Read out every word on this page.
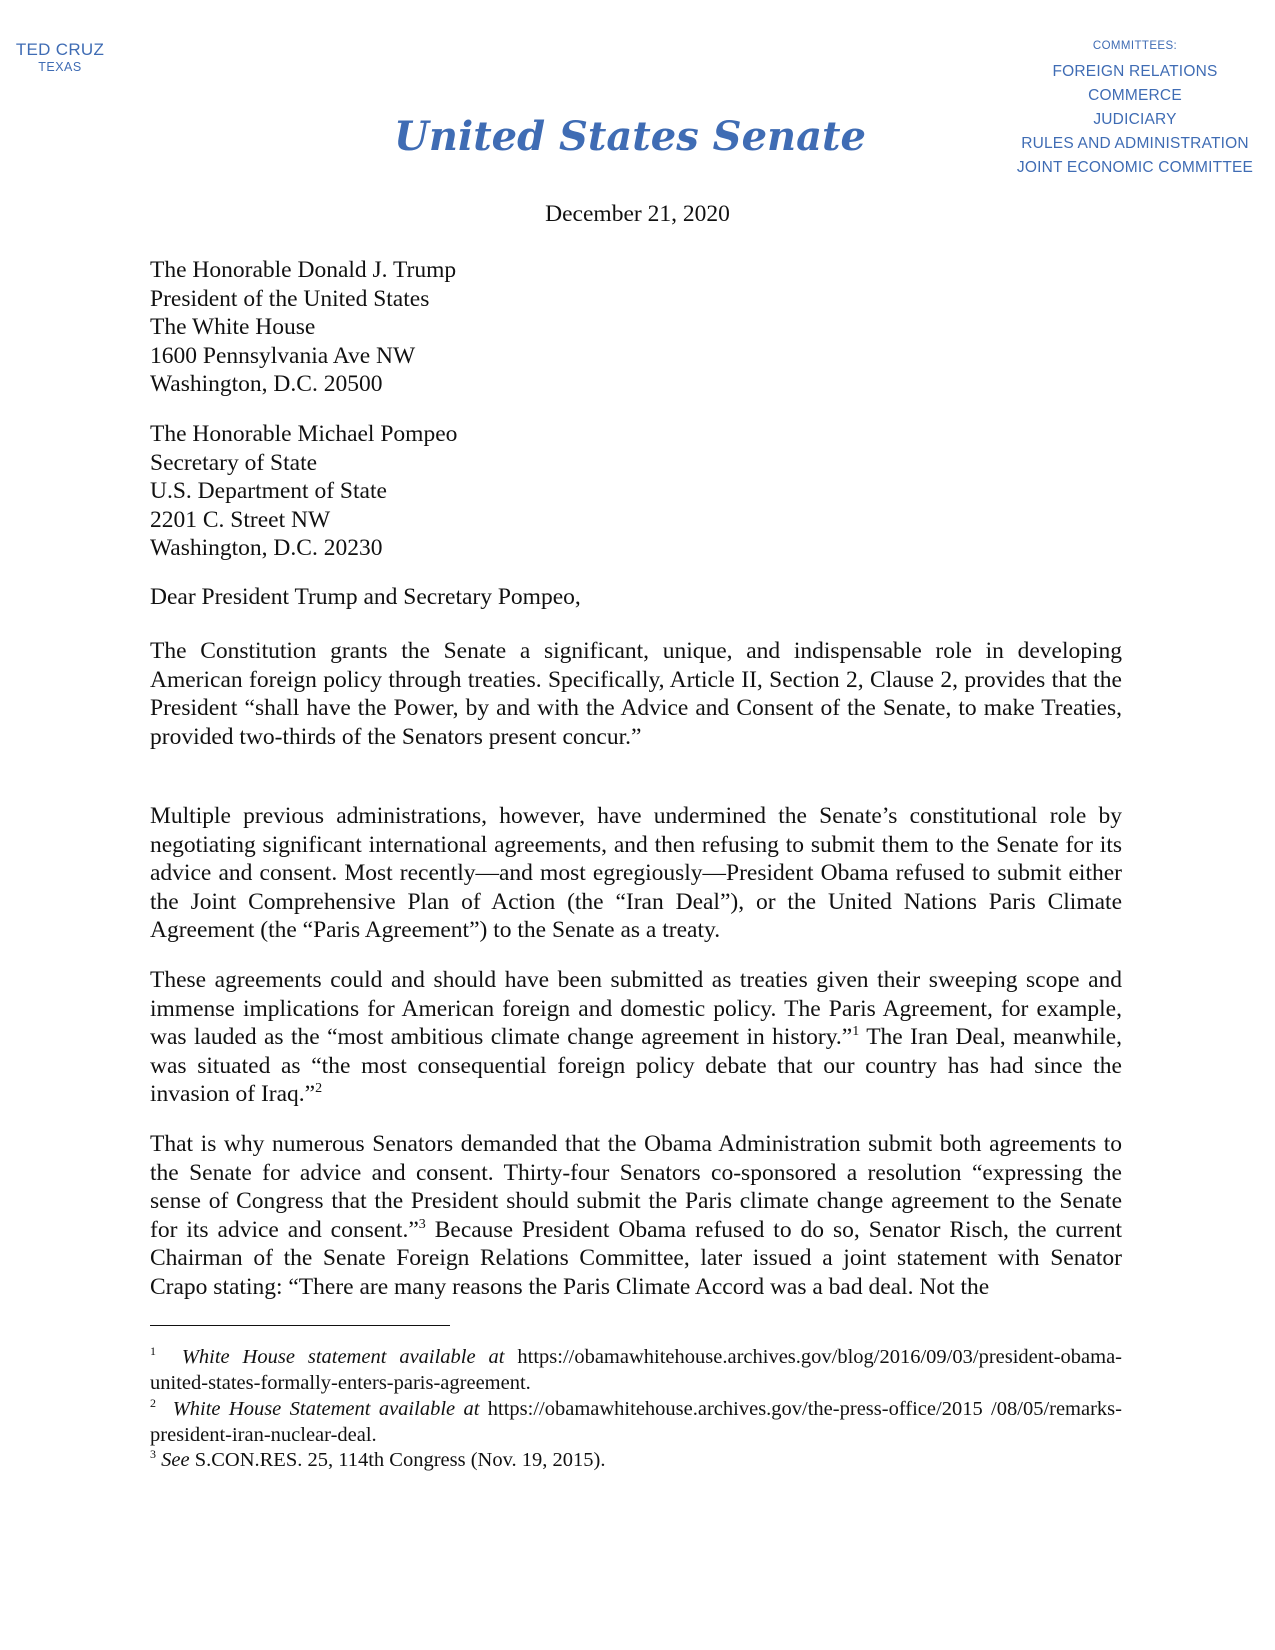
TED CRUZ
TEXAS
United States Senate
COMMITTEES:
FOREIGN RELATIONS
COMMERCE
JUDICIARY
RULES AND ADMINISTRATION
JOINT ECONOMIC COMMITTEE
December 21, 2020
The Honorable Donald J. Trump
President of the United States
The White House
1600 Pennsylvania Ave NW
Washington, D.C. 20500
The Honorable Michael Pompeo
Secretary of State
U.S. Department of State
2201 C. Street NW
Washington, D.C. 20230
Dear President Trump and Secretary Pompeo,
The Constitution grants the Senate a significant, unique, and indispensable role in developing American foreign policy through treaties. Specifically, Article II, Section 2, Clause 2, provides that the President “shall have the Power, by and with the Advice and Consent of the Senate, to make Treaties, provided two-thirds of the Senators present concur.”
Multiple previous administrations, however, have undermined the Senate’s constitutional role by negotiating significant international agreements, and then refusing to submit them to the Senate for its advice and consent. Most recently—and most egregiously—President Obama refused to submit either the Joint Comprehensive Plan of Action (the “Iran Deal”), or the United Nations Paris Climate Agreement (the “Paris Agreement”) to the Senate as a treaty.
These agreements could and should have been submitted as treaties given their sweeping scope and immense implications for American foreign and domestic policy. The Paris Agreement, for example, was lauded as the “most ambitious climate change agreement in history.”$^1$ The Iran Deal, meanwhile, was situated as “the most consequential foreign policy debate that our country has had since the invasion of Iraq.”$^2$
That is why numerous Senators demanded that the Obama Administration submit both agreements to the Senate for advice and consent. Thirty-four Senators co-sponsored a resolution “expressing the sense of Congress that the President should submit the Paris climate change agreement to the Senate for its advice and consent.”$^3$ Because President Obama refused to do so, Senator Risch, the current Chairman of the Senate Foreign Relations Committee, later issued a joint statement with Senator Crapo stating: “There are many reasons the Paris Climate Accord was a bad deal. Not the
$^1$ White House statement available at https://obamawhitehouse.archives.gov/blog/2016/09/03/president-obama-united-states-formally-enters-paris-agreement.
$^2$ White House Statement available at https://obamawhitehouse.archives.gov/the-press-office/2015 /08/05/remarks-president-iran-nuclear-deal.
$^3$ See S.CON.RES. 25, 114th Congress (Nov. 19, 2015).
